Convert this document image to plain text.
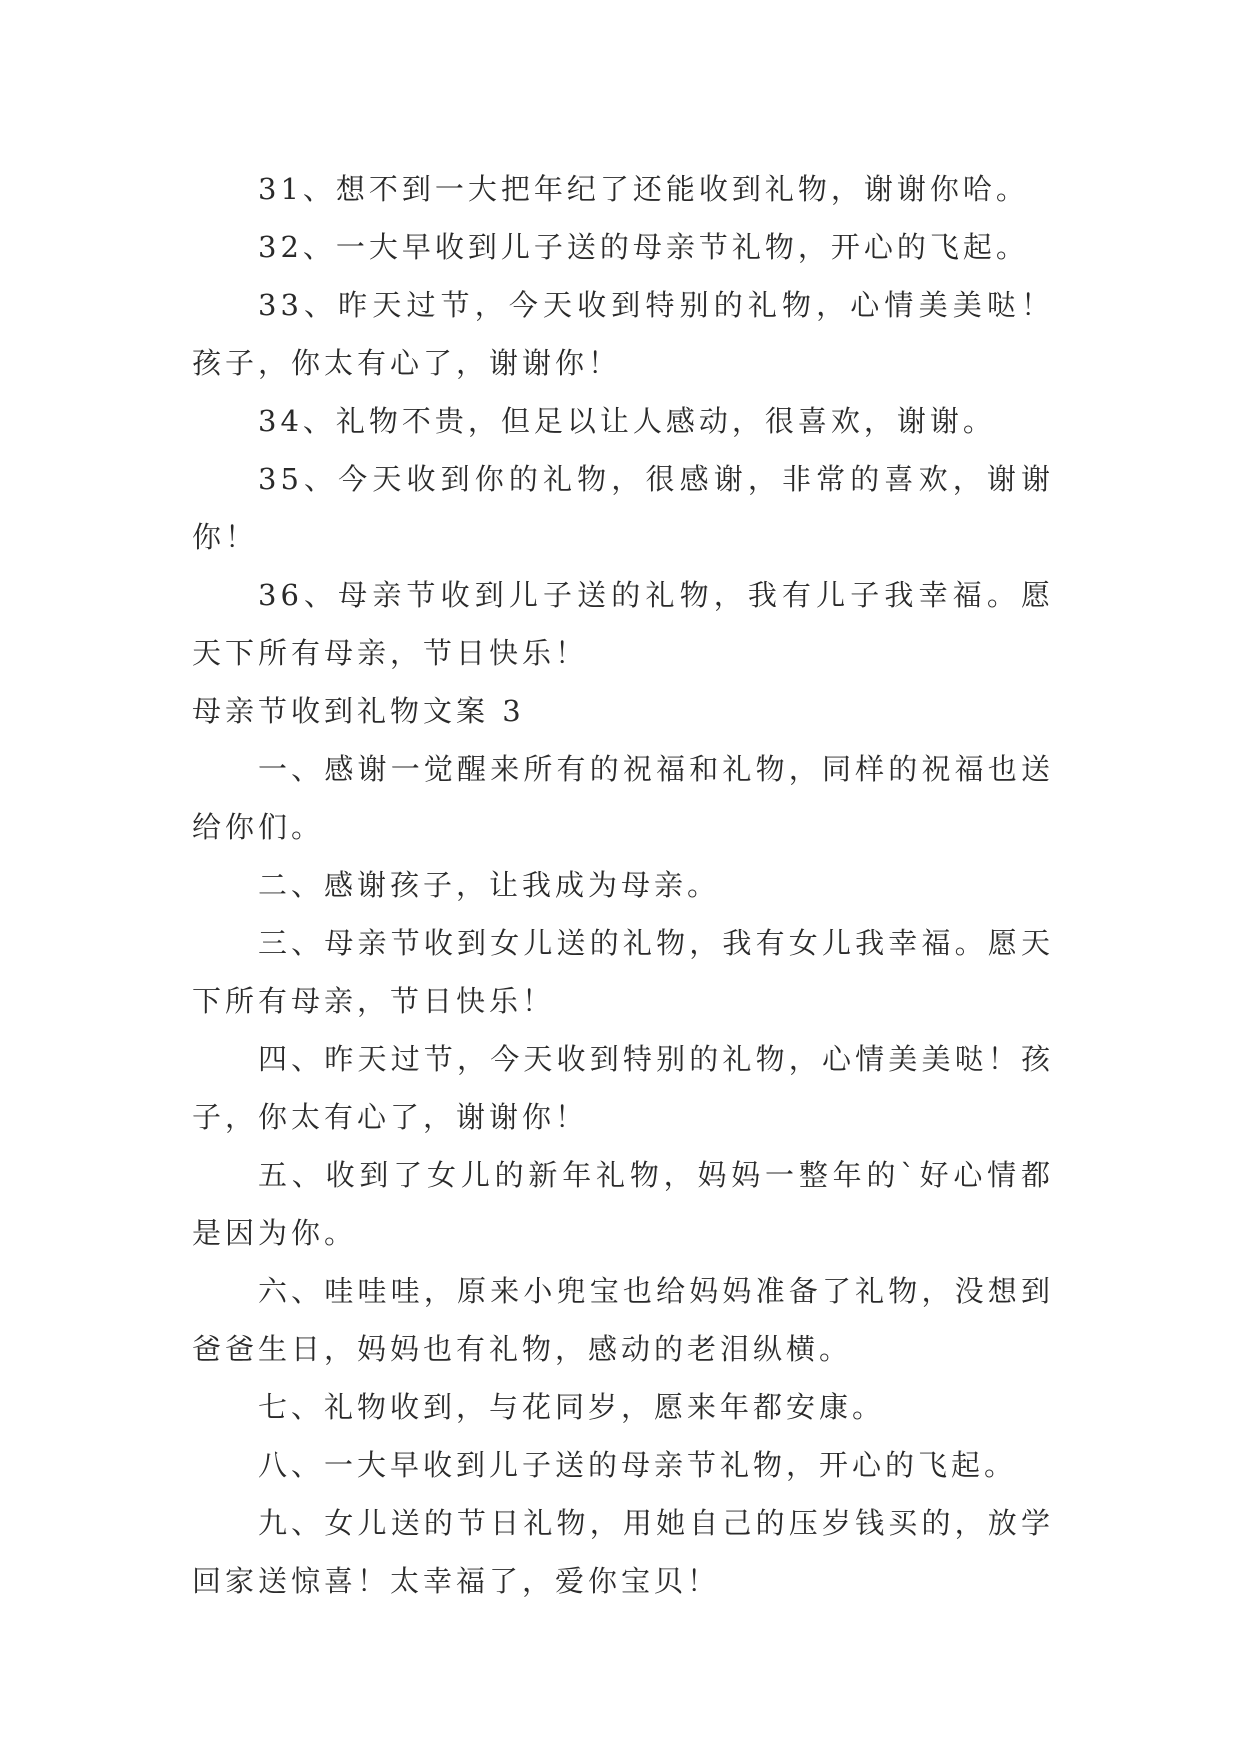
31、想不到一大把年纪了还能收到礼物，谢谢你哈。

32、一大早收到儿子送的母亲节礼物，开心的飞起。

33、昨天过节，今天收到特别的礼物，心情美美哒！孩子，你太有心了，谢谢你！

34、礼物不贵，但足以让人感动，很喜欢，谢谢。

35、今天收到你的礼物，很感谢，非常的喜欢，谢谢你！

36、母亲节收到儿子送的礼物，我有儿子我幸福。愿天下所有母亲，节日快乐！

母亲节收到礼物文案 3

一、感谢一觉醒来所有的祝福和礼物，同样的祝福也送给你们。

二、感谢孩子，让我成为母亲。

三、母亲节收到女儿送的礼物，我有女儿我幸福。愿天下所有母亲，节日快乐！

四、昨天过节，今天收到特别的礼物，心情美美哒！孩子，你太有心了，谢谢你！

五、收到了女儿的新年礼物，妈妈一整年的`好心情都是因为你。

六、哇哇哇，原来小兜宝也给妈妈准备了礼物，没想到爸爸生日，妈妈也有礼物，感动的老泪纵横。

七、礼物收到，与花同岁，愿来年都安康。

八、一大早收到儿子送的母亲节礼物，开心的飞起。

九、女儿送的节日礼物，用她自己的压岁钱买的，放学回家送惊喜！太幸福了，爱你宝贝！
